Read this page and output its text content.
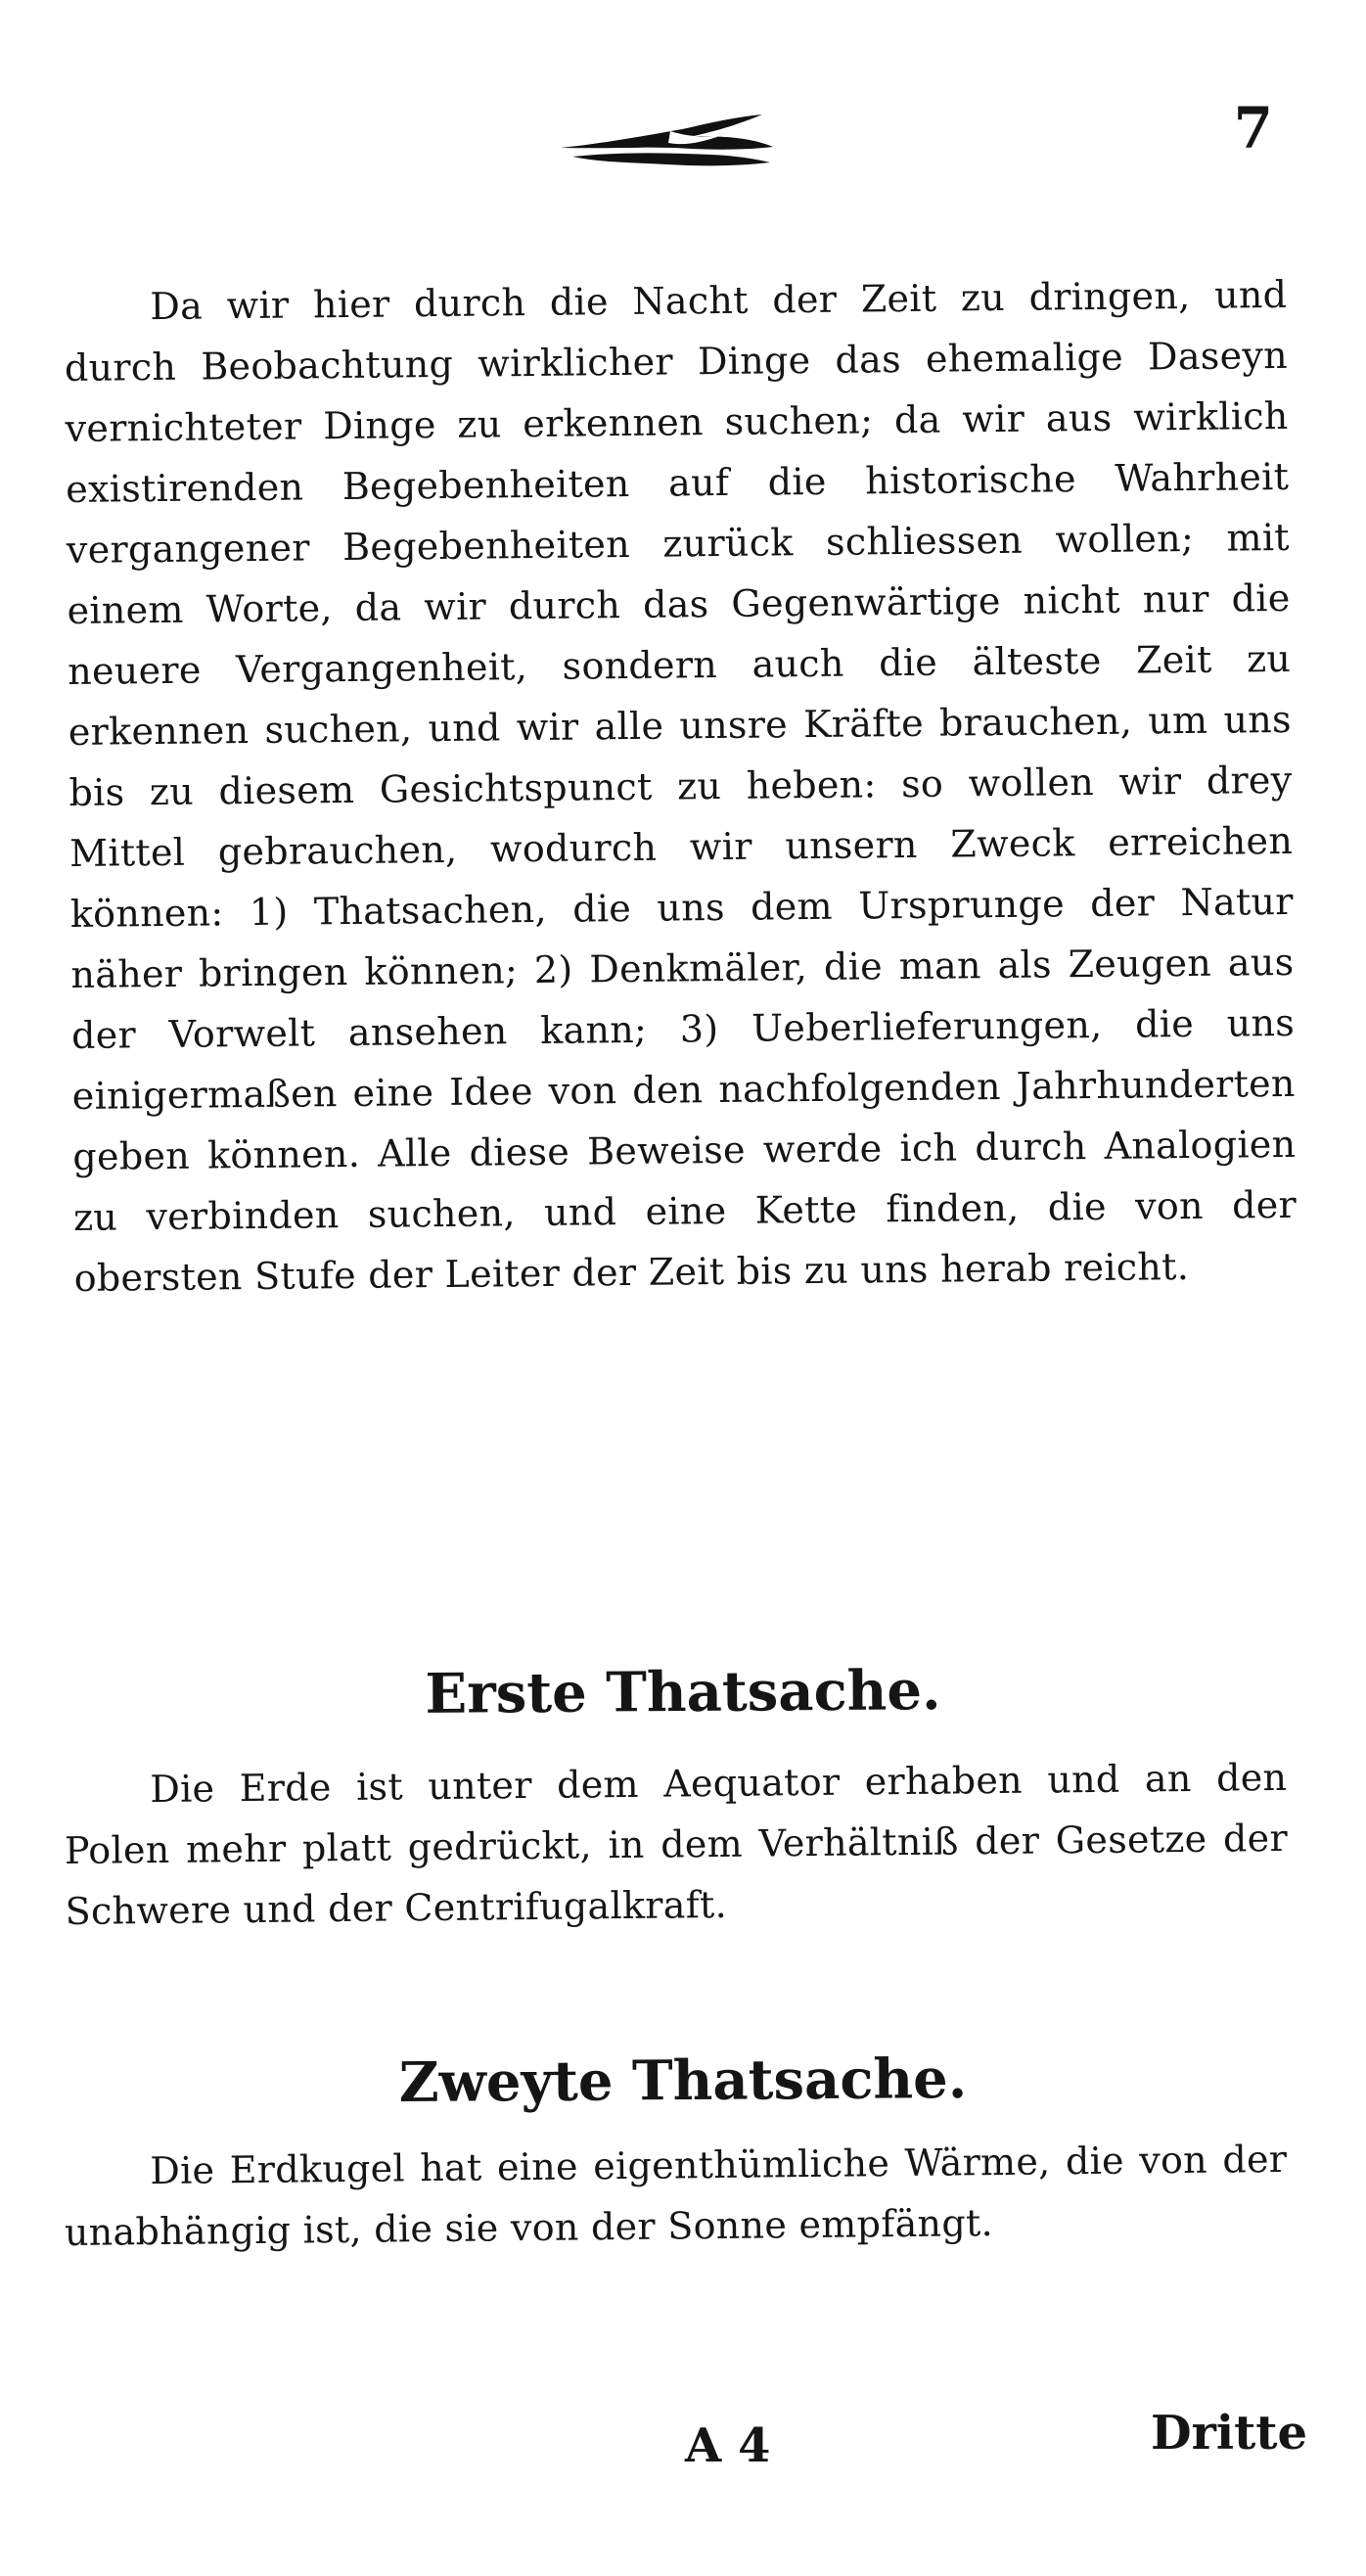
7

Da wir hier durch die Nacht der Zeit zu dringen, und durch Beobachtung wirklicher Dinge das ehemalige Daseyn vernichteter Dinge zu erkennen suchen; da wir aus wirklich existirenden Begebenheiten auf die historische Wahrheit vergangener Begebenheiten zurück schliessen wollen; mit einem Worte, da wir durch das Gegenwärtige nicht nur die neuere Vergangenheit, sondern auch die älteste Zeit zu erkennen suchen, und wir alle unsre Kräfte brauchen, um uns bis zu diesem Gesichtspunct zu heben: so wollen wir drey Mittel gebrauchen, wodurch wir unsern Zweck erreichen können: 1) Thatsachen, die uns dem Ursprunge der Natur näher bringen können; 2) Denkmäler, die man als Zeugen aus der Vorwelt ansehen kann; 3) Ueberlieferungen, die uns einigermaßen eine Idee von den nachfolgenden Jahrhunderten geben können. Alle diese Beweise werde ich durch Analogien zu verbinden suchen, und eine Kette finden, die von der obersten Stufe der Leiter der Zeit bis zu uns herab reicht.

Erste Thatsache.

Die Erde ist unter dem Aequator erhaben und an den Polen mehr platt gedrückt, in dem Verhältniß der Gesetze der Schwere und der Centrifugalkraft.

Zweyte Thatsache.

Die Erdkugel hat eine eigenthümliche Wärme, die von der unabhängig ist, die sie von der Sonne empfängt.

A 4	Dritte
